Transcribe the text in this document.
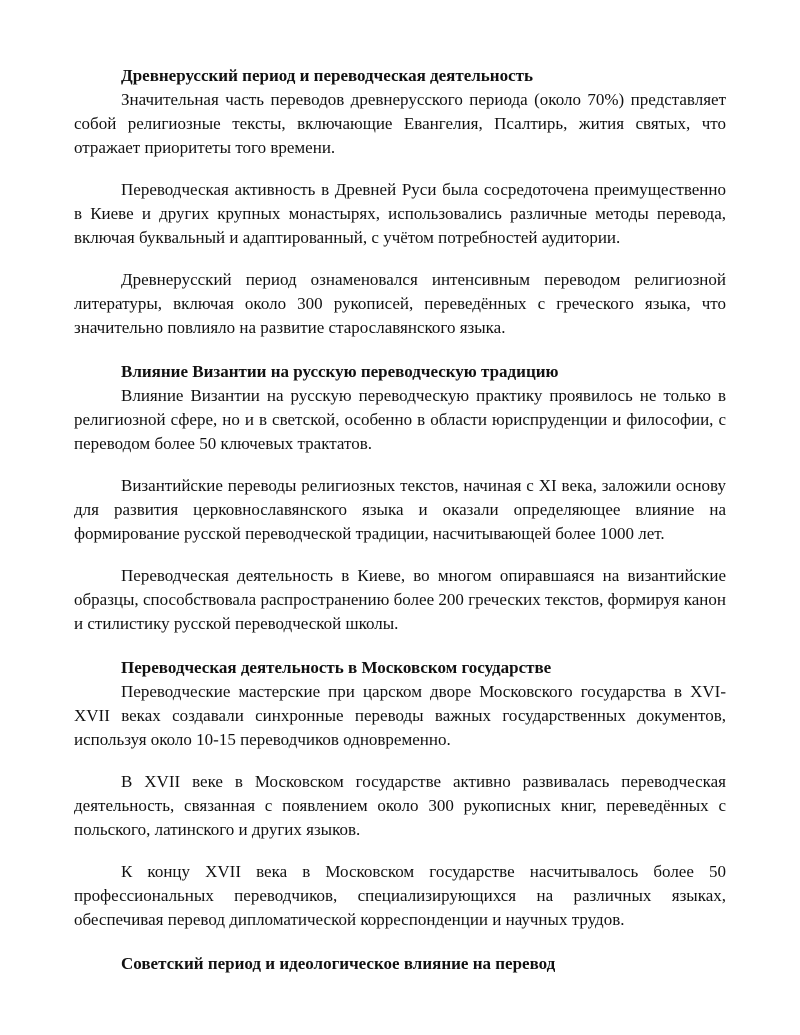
Древнерусский период и переводческая деятельность

Значительная часть переводов древнерусского периода (около 70%) представляет собой религиозные тексты, включающие Евангелия, Псалтирь, жития святых, что отражает приоритеты того времени.

Переводческая активность в Древней Руси была сосредоточена преимущественно в Киеве и других крупных монастырях, использовались различные методы перевода, включая буквальный и адаптированный, с учётом потребностей аудитории.

Древнерусский период ознаменовался интенсивным переводом религиозной литературы, включая около 300 рукописей, переведённых с греческого языка, что значительно повлияло на развитие старославянского языка.

Влияние Византии на русскую переводческую традицию

Влияние Византии на русскую переводческую практику проявилось не только в религиозной сфере, но и в светской, особенно в области юриспруденции и философии, с переводом более 50 ключевых трактатов.

Византийские переводы религиозных текстов, начиная с XI века, заложили основу для развития церковнославянского языка и оказали определяющее влияние на формирование русской переводческой традиции, насчитывающей более 1000 лет.

Переводческая деятельность в Киеве, во многом опиравшаяся на византийские образцы, способствовала распространению более 200 греческих текстов, формируя канон и стилистику русской переводческой школы.

Переводческая деятельность в Московском государстве

Переводческие мастерские при царском дворе Московского государства в XVI-XVII веках создавали синхронные переводы важных государственных документов, используя около 10-15 переводчиков одновременно.

В XVII веке в Московском государстве активно развивалась переводческая деятельность, связанная с появлением около 300 рукописных книг, переведённых с польского, латинского и других языков.

К концу XVII века в Московском государстве насчитывалось более 50 профессиональных переводчиков, специализирующихся на различных языках, обеспечивая перевод дипломатической корреспонденции и научных трудов.

Советский период и идеологическое влияние на перевод
